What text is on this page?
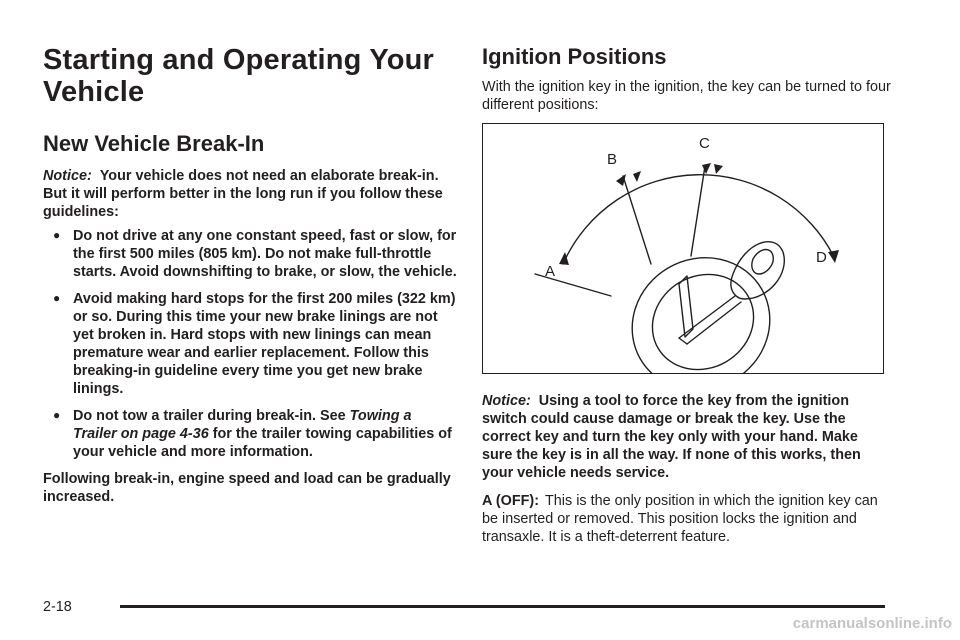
Starting and Operating Your Vehicle
New Vehicle Break-In

Notice: Your vehicle does not need an elaborate break-in. But it will perform better in the long run if you follow these guidelines:

● Do not drive at any one constant speed, fast or slow, for the first 500 miles (805 km). Do not make full-throttle starts. Avoid downshifting to brake, or slow, the vehicle.
● Avoid making hard stops for the first 200 miles (322 km) or so. During this time your new brake linings are not yet broken in. Hard stops with new linings can mean premature wear and earlier replacement. Follow this breaking-in guideline every time you get new brake linings.
● Do not tow a trailer during break-in. See Towing a Trailer on page 4-36 for the trailer towing capabilities of your vehicle and more information.

Following break-in, engine speed and load can be gradually increased.

Ignition Positions

With the ignition key in the ignition, the key can be turned to four different positions:

A
B
C
D

Notice: Using a tool to force the key from the ignition switch could cause damage or break the key. Use the correct key and turn the key only with your hand. Make sure the key is in all the way. If none of this works, then your vehicle needs service.

A (OFF): This is the only position in which the ignition key can be inserted or removed. This position locks the ignition and transaxle. It is a theft-deterrent feature.

2-18
carmanualsonline.info
